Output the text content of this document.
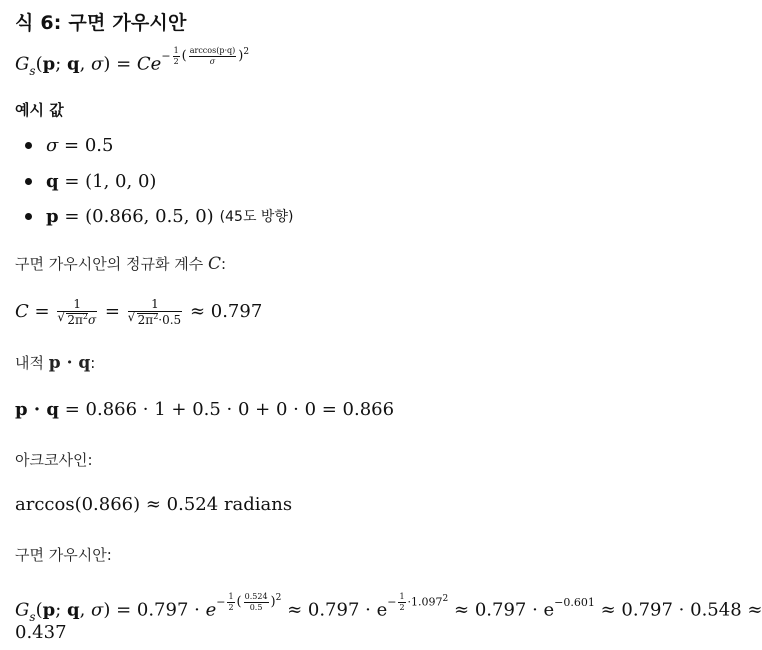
식 6: 구면 가우시안
$G_s(p$; q, $\sigma) = Ce- \frac{1}{2}$ ( $\frac{\arccos(p\cdot q)}{\sigma} )^2$
예시 값
σ = 0.5
q = (1, 0, 0)
p = (0.866, 0.5, 0) (45도 방향)
구면 가우시안의 정규화 계수 C:
C = 1
√ $2\pi^2\sigma = 1$
√ $2\pi^2\cdot 0.5 \approx 0.797$
내적 p · q:
p · q = 0.866 · 1 + 0.5 · 0 + 0 · 0 = 0.866
아크코사인:
arccos(0.866) ≈ 0.524 radians
구면 가우시안:
$G_s(p$; q, $\sigma) = 0.797 \cdot e- \frac{1}{2}$ ( $\frac{0.524}{0.5} )^2 \approx 0.797 \cdot e- \frac{1}{2} \cdot 1.097^2 \approx 0.797 \cdot e-0.601 \approx 0.797 \cdot 0.548$ ≈
0.437
